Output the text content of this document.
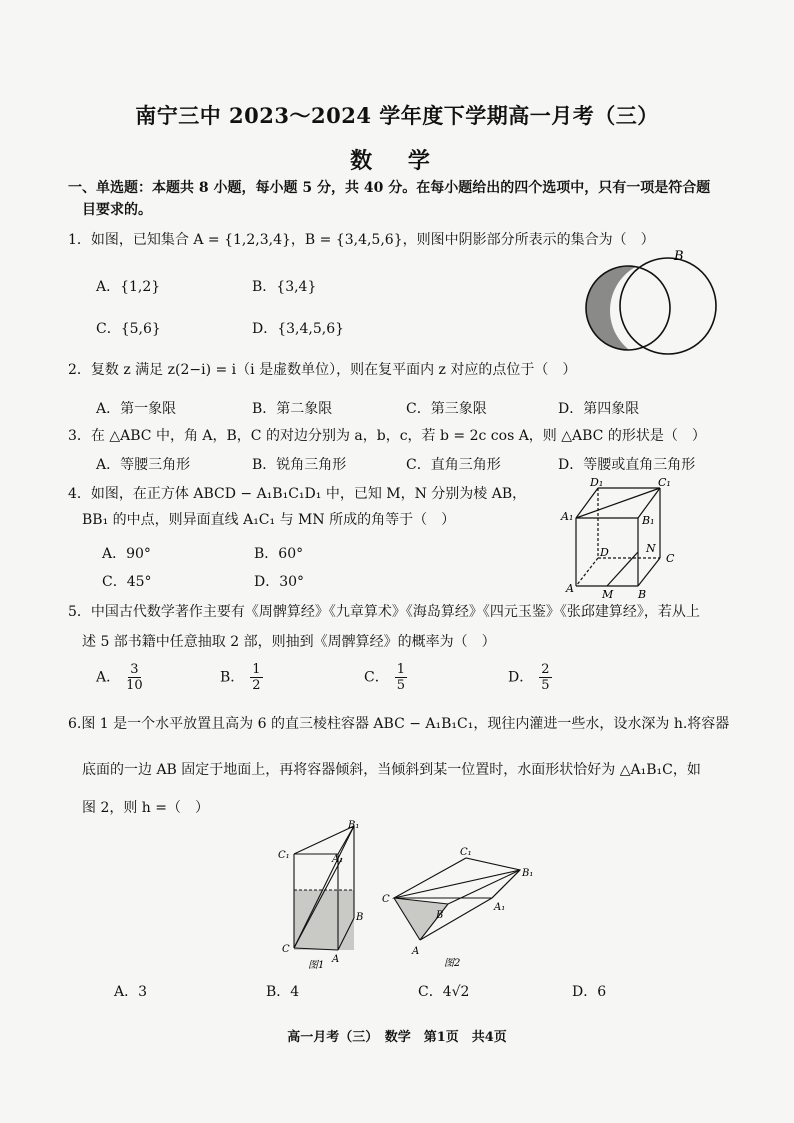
南宁三中 2023～2024 学年度下学期高一月考（三）
数 学
一、单选题：本题共 8 小题，每小题 5 分，共 40 分。在每小题给出的四个选项中，只有一项是符合题
目要求的。
1．如图，已知集合 A = {1,2,3,4}，B = {3,4,5,6}，则图中阴影部分所表示的集合为（　）
A．{1,2}	B．{3,4}
C．{5,6}	D．{3,4,5,6}
B
2．复数 z 满足 z(2−i) = i（i 是虚数单位），则在复平面内 z 对应的点位于（　）
A．第一象限	B．第二象限	C．第三象限	D．第四象限
3．在 △ABC 中，角 A，B，C 的对边分别为 a，b，c，若 b = 2c cos A，则 △ABC 的形状是（　）
A．等腰三角形	B．锐角三角形	C．直角三角形	D．等腰或直角三角形
4．如图，在正方体 ABCD − A₁B₁C₁D₁ 中，已知 M，N 分别为棱 AB，
BB₁ 的中点，则异面直线 A₁C₁ 与 MN 所成的角等于（　）
A．90°	B．60°
C．45°	D．30°
D₁	C₁
A₁	B₁
D	N
C
A	M B
5．中国古代数学著作主要有《周髀算经》《九章算术》《海岛算经》《四元玉鉴》《张邱建算经》，若从上
述 5 部书籍中任意抽取 2 部，则抽到《周髀算经》的概率为（　）
A． $\frac{3}{10}$	B． $\frac{1}{2}$	C． $\frac{1}{5}$	D． $\frac{2}{5}$
6.图 1 是一个水平放置且高为 6 的直三棱柱容器 ABC − A₁B₁C₁，现往内灌进一些水，设水深为 h.将容器
底面的一边 AB 固定于地面上，再将容器倾斜，当倾斜到某一位置时，水面形状恰好为 △A₁B₁C，如
图 2，则 h =（　）
C₁
B₁
A₁
C
B
A
图1
C₁
B₁
C
B
A₁
A
图2
A．3	B．4	C．4√2	D．6
高一月考（三）　数学　第1页　共4页
